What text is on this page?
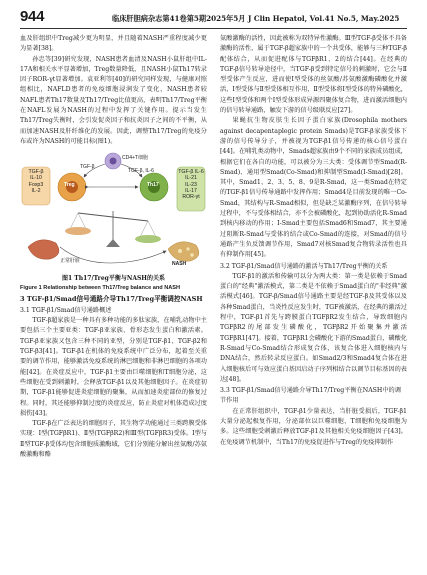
944	临床肝胆病杂志第41卷第5期2025年5月 J Clin Hepatol, Vol.41 No.5, May.2025

血及肝组织中Treg减少更为明显，并且随着NASH严重程度减少更为显著[38]。

孙忠等[39]研究发现，NASH患者血清及NASH小鼠肝组中IL-17A和相关水平显著增加，Treg数量降低，且NASH小鼠Th17转录因子ROR-γt显著增加。袁亚利等[40]的研究同样发现，与健康对照组相比，NAFLD患者的免疫细胞浸润发了变化，NASH患者较NAFL患者Th17数量及Th17/Treg比值更高，表明Th17/Treg平衡在NAFL发展为NASH的过程中发挥了关键作用。提示当发生Th17/Treg失衡时，会引发促炎因子和抗炎因子之间的不平衡，从而加速NASH及肝纤维化的发展。因此，调整Th17/Treg的免疫分布或许为NASH的可能目标(图1)。

TGF-β
IL-10
Foxp3
IL-2
TGF-β IL-6
IL-21
IL-23
IL-17
ROR-γt
Treg	Th17
CD4+T细胞
TGF-β
TGF-β, IL-6
正常肝脏	NASH
图1 Th17/Treg平衡与NASH的关系
Figure 1 Relationship between Th17/Treg balance and NASH
3 TGF-β1/Smad信号通路介导Th17/Treg平衡调控NASH
3.1 TGF-β1/Smad信号通路概述

TGF-β超家族是一种具有多种功能的多肽家族，在哺乳动物中主要包括三个主要亚类：TGF-β亚家族、骨形态发生蛋白和激活素。TGF-β亚家族又包含三种不同的亚型，分别是TGF-β1、TGF-β2和TGF-β3[41]。TGF-β1在机体的免疫系统中广泛分布，起着至关重要的调节作用，能够激活免疫系统的淋巴细胞和非淋巴细胞的各项功能[42]。在炎症反应中，TGF-β1主要由巨噬细胞和T细胞分泌，这些细胞在受到刺激时，会释放TGF-β1以及其他细胞因子。在炎症初期，TGF-β1能够促进炎症细胞的聚集，从而加速炎症部位的修复过程。同时，其还能够抑制过度的炎症反应，防止炎症对机体造成过度损伤[43]。

TGF-β在广泛表达的细胞因子，其生物学功能通过三类跨膜受体实现：Ⅰ型(TGFβR1)、Ⅱ型(TGFβR2)和Ⅲ型(TGFβR3)受体。Ⅰ型与Ⅱ型TGF-β受体均包含细胞质激酶域，它们分别能分解出丝氨酸/苏氨酸激酶和酪

氨酸激酶的活性，因此被称为双特异性激酶。Ⅲ型TGF-β受体不具备激酶的活性，属于TGF-β超家族中的一个共受体，能够与三种TGF-β配体结合，从而促进配体与TGFβR1、2的结合[44]。在经典的TGF-β信号转导途径中，当TGF-β受到特定信号的刺激时，它会与Ⅱ型受体产生反应，进而使Ⅰ型受体的丝氨酸/苏氨酸激酶磷酸化并激活，Ⅰ型受体与Ⅱ型受体相互作用，Ⅱ型受体将Ⅰ型受体的特异磷酸化，这些Ⅰ型受体和两个Ⅰ型受体形成异源四聚体复合物，进而激活细胞内的信号转导通路，触发下游的信号级联反应[27]。

果蝇抗生物皮肤生长因子蛋白家族(Drosophila mothers against decapentaplegic protein Smads)是TGF-β家族受体下游的信号传导分子，并被视为TGF-β1信号传递的核心信号蛋白[44]。在哺乳类动物中，Smads超家族由9个不同的家族成员组成，根据它们在各自的功能，可以被分为三大类：受体调节型Smad(R-Smad)、通用型Smad(Co-Smad)和抑制型Smad(I-Smad)[28]。其中，Smad1、2、3、5、8、9是R-Smad，这一类Smad在特定的TGF-β1信号传导通路中发挥作用；Smad4是目前发现的唯一Co-Smad，其结构与R-Smad相似，但是缺乏某激酶序列，在信号转导过程中，不与受体相结合，亦不会被磷酸化，起到协助活化R-Smad到核内移动的作用；I-Smad主要包括Smad6和Smad7，其主要通过阻断R-Smad与受体的结合或Co-Smad的连接，对Smad的信号通路产生负反馈调节作用，Smad7对核Smad复合物转录活性也具有抑制作用[45]。

3.2 TGF-β1/Smad信号通路的激活与Th17/Treg平衡的关系

TGF-β1的激活和传输可以分为两大类：第一类是依赖于Smad蛋白的"经典"激活模式，第二类是不依赖于Smad蛋白的"非经典"激活模式[46]。TGF-β/Smad信号通路主要是经TGF-β及其受体以及各种Smad蛋白，当炎性反应发生时，TGF被激活，在经典的激活过程中，TGF-β1首先与跨膜蛋白TGFβR2发生结合，导致细胞内TGFβR2的尾部发生磷酸化，TGFβR2开始聚集并激活TGFβR1[47]。接着，TGFβR1会磷酸化下游的Smad蛋白，磷酸化R-Smad与Co-Smad结合形成复合体，该复合体进入细胞核内与DNA结合，然后转录反应蛋白。如Smad2/3和Smad4复合体在进入细胞核后可与效应蛋白基因启动子序列相结合以调节目标基因的表达[48]。

3.3 TGF-β1/Smad信号通路介导Th17/Treg平衡在NASH中的调节作用

在正常肝组织中，TGF-β1少量表达，当肝脏受损后，TGF-β1大量分泌起极复作用，分泌部位以巨噬细胞、T细胞和免疫细胞为多。这些细胞受刺激后释放TGF-β1及其他相关免疫细胞因子[43]。在免疫调节机制中，当Th17的免疫促进作与Treg的免疫抑制作
